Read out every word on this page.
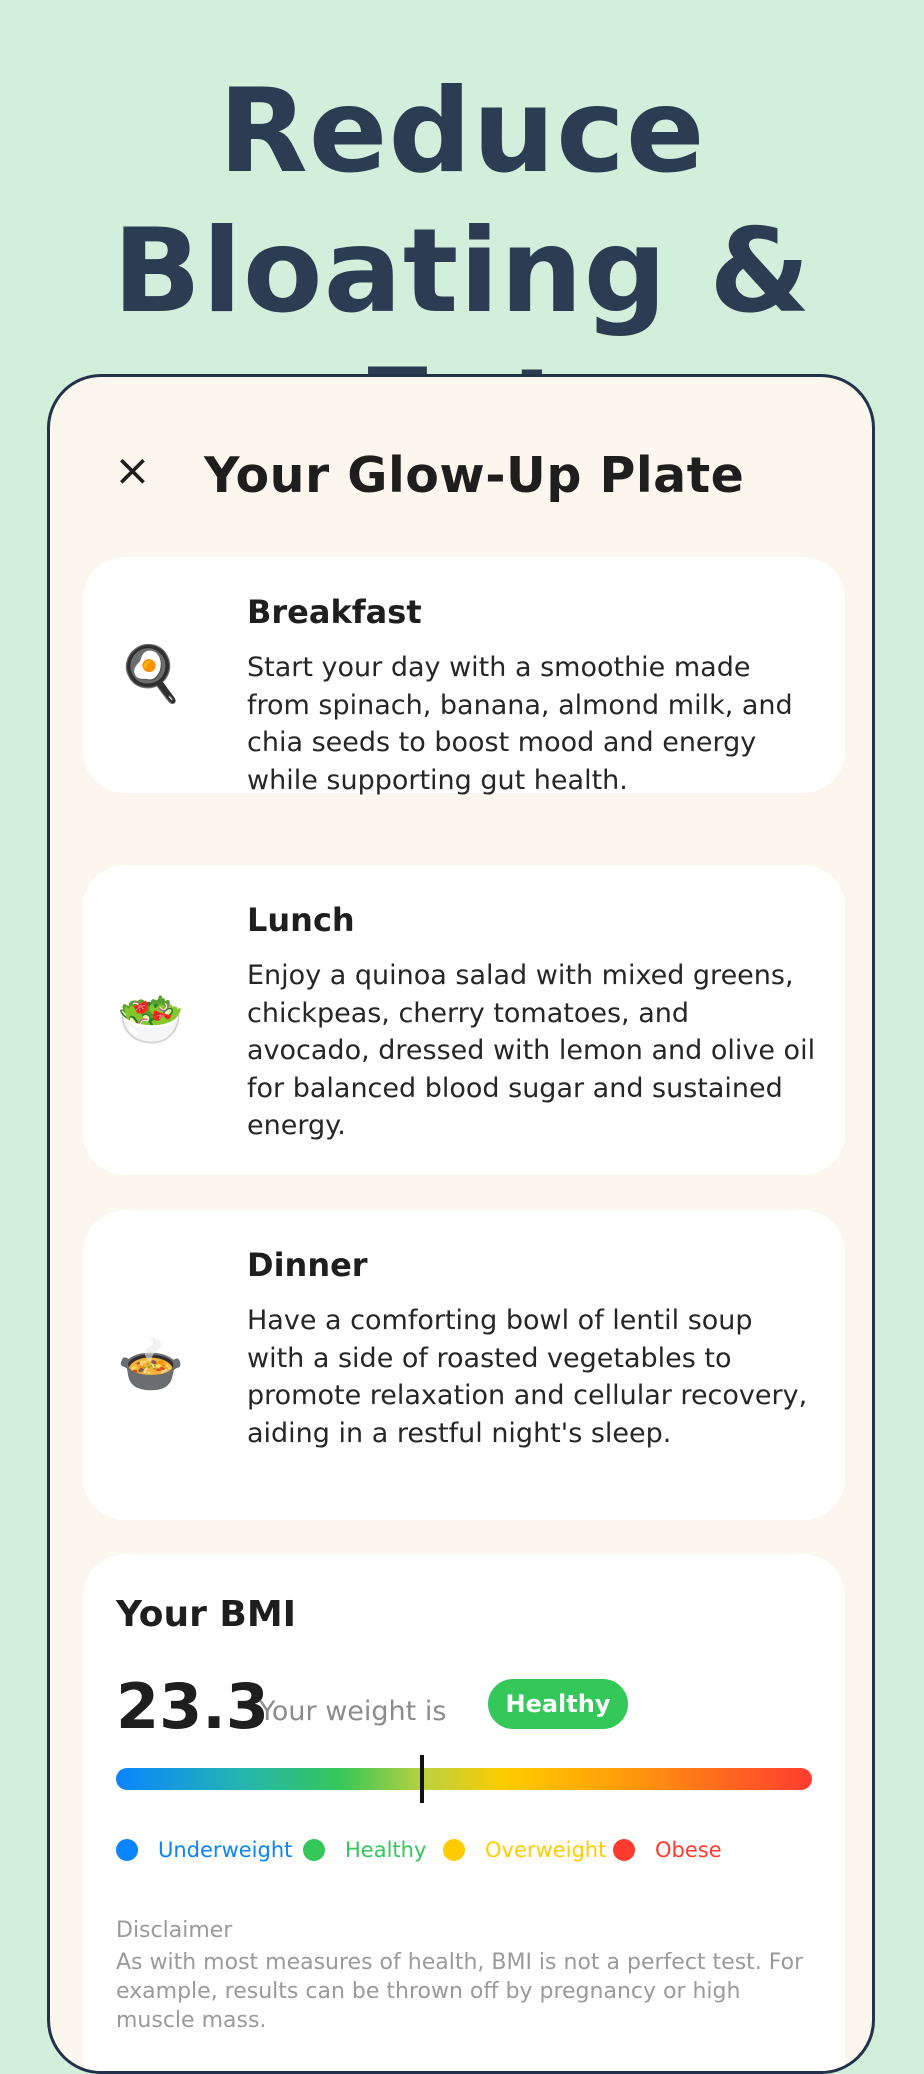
Reduce
Bloating &
× Your Glow-Up Plate
🍳
Breakfast
Start your day with a smoothie made from spinach, banana, almond milk, and chia seeds to boost mood and energy while supporting gut health.
🥗
Lunch
Enjoy a quinoa salad with mixed greens, chickpeas, cherry tomatoes, and avocado, dressed with lemon and olive oil for balanced blood sugar and sustained energy.
🍲
Dinner
Have a comforting bowl of lentil soup with a side of roasted vegetables to promote relaxation and cellular recovery, aiding in a restful night's sleep.
Your BMI
23.3
Your weight is	Healthy
Underweight	Healthy	Overweight Obese
Disclaimer
As with most measures of health, BMI is not a perfect test. For example, results can be thrown off by pregnancy or high muscle mass.
